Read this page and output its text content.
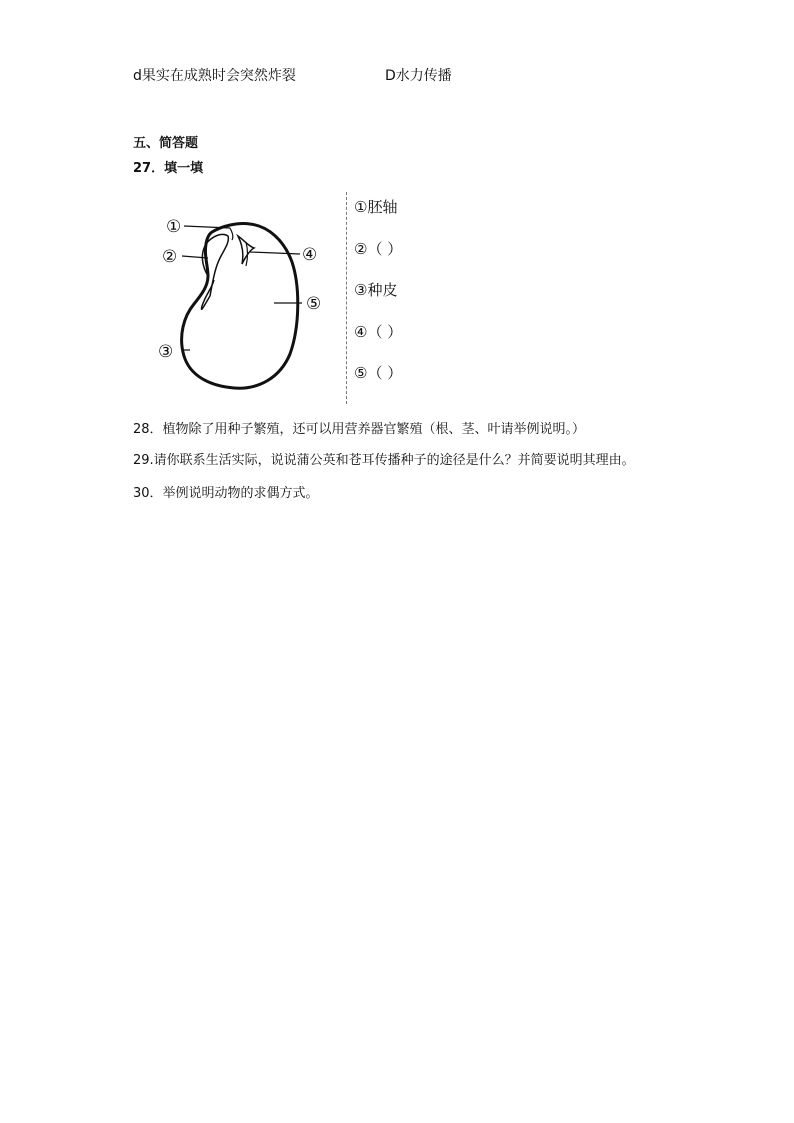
d果实在成熟时会突然炸裂	D水力传播
五、简答题
27．填一填
①
②
③
④
⑤
①胚轴
②（ ）
③种皮
④（ ）
⑤（ ）
28．植物除了用种子繁殖，还可以用营养器官繁殖（根、茎、叶请举例说明。）
29.请你联系生活实际，说说蒲公英和苍耳传播种子的途径是什么？并简要说明其理由。
30．举例说明动物的求偶方式。
